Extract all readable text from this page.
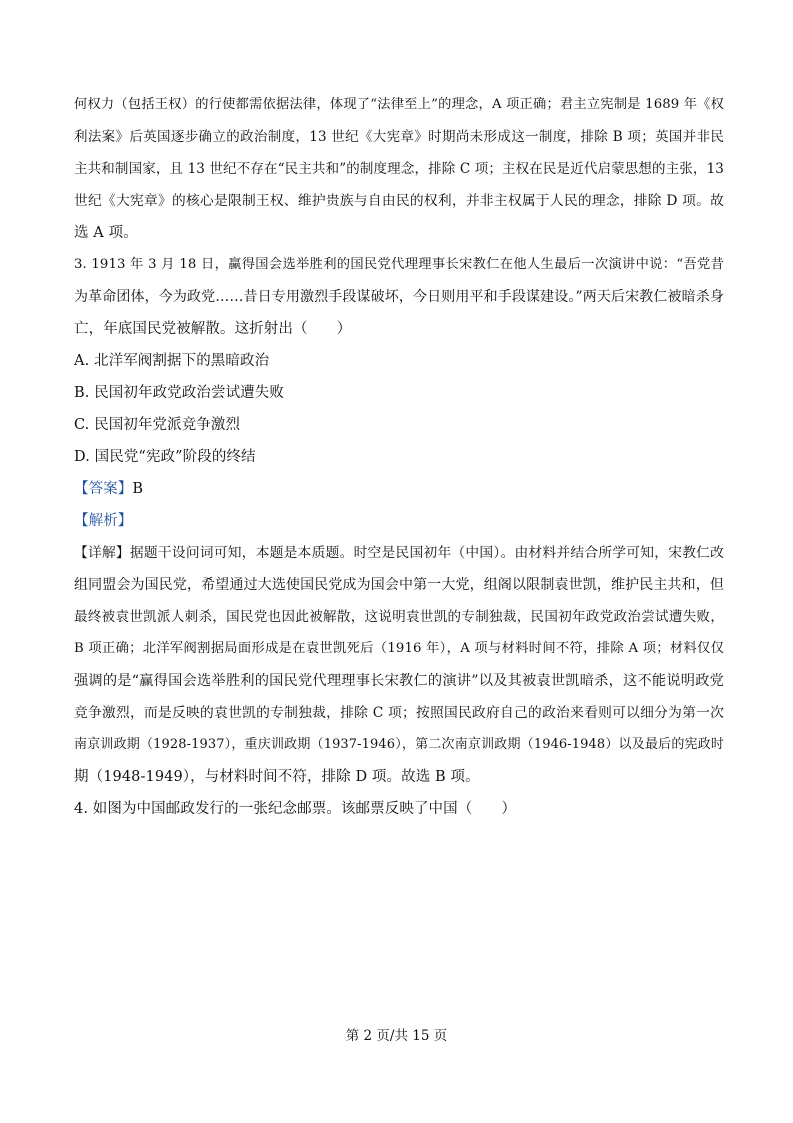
何权力（包括王权）的行使都需依据法律，体现了“法律至上”的理念，A 项正确；君主立宪制是 1689 年《权
利法案》后英国逐步确立的政治制度，13 世纪《大宪章》时期尚未形成这一制度，排除 B 项；英国并非民
主共和制国家，且 13 世纪不存在“民主共和”的制度理念，排除 C 项；主权在民是近代启蒙思想的主张，13
世纪《大宪章》的核心是限制王权、维护贵族与自由民的权利，并非主权属于人民的理念，排除 D 项。故
选 A 项。
3. 1913 年 3 月 18 日，赢得国会选举胜利的国民党代理理事长宋教仁在他人生最后一次演讲中说：“吾党昔
为革命团体，今为政党……昔日专用激烈手段谋破坏，今日则用平和手段谋建设。”两天后宋教仁被暗杀身
亡，年底国民党被解散。这折射出（　　）
A. 北洋军阀割据下的黑暗政治
B. 民国初年政党政治尝试遭失败
C. 民国初年党派竞争激烈
D. 国民党“宪政”阶段的终结
【答案】B
【解析】
【详解】据题干设问词可知，本题是本质题。时空是民国初年（中国）。由材料并结合所学可知，宋教仁改
组同盟会为国民党，希望通过大选使国民党成为国会中第一大党，组阁以限制袁世凯，维护民主共和，但
最终被袁世凯派人刺杀，国民党也因此被解散，这说明袁世凯的专制独裁，民国初年政党政治尝试遭失败，
B 项正确；北洋军阀割据局面形成是在袁世凯死后（1916 年），A 项与材料时间不符，排除 A 项；材料仅仅
强调的是“赢得国会选举胜利的国民党代理理事长宋教仁的演讲”以及其被袁世凯暗杀，这不能说明政党
竞争激烈，而是反映的袁世凯的专制独裁，排除 C 项；按照国民政府自己的政治来看则可以细分为第一次
南京训政期（1928-1937），重庆训政期（1937-1946），第二次南京训政期（1946-1948）以及最后的宪政时
期（1948-1949），与材料时间不符，排除 D 项。故选 B 项。
4. 如图为中国邮政发行的一张纪念邮票。该邮票反映了中国（　　）
第 2 页/共 15 页
